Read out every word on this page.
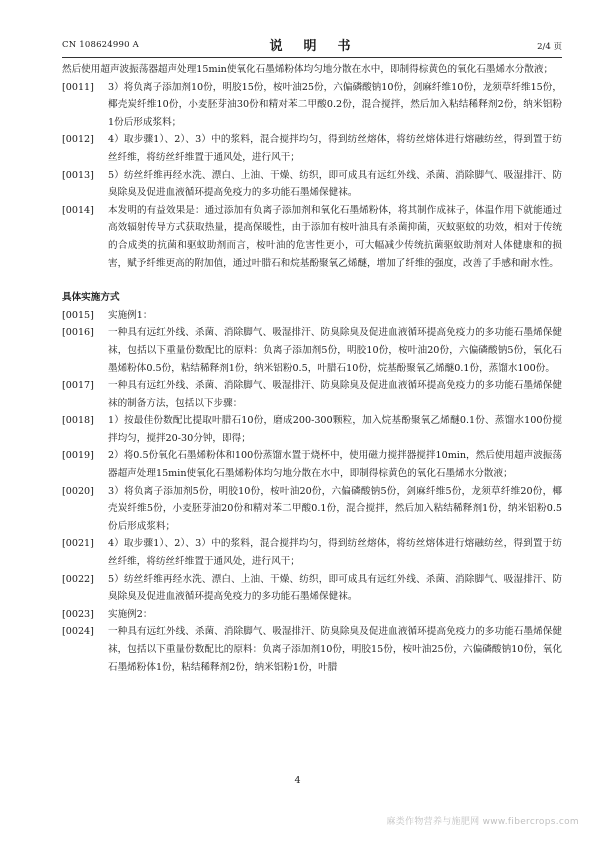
CN 108624990 A	说　明　书	2/4 页
然后使用超声波振荡器超声处理15min使氧化石墨烯粉体均匀地分散在水中，即制得棕黄色的氧化石墨烯水分散液；
[0011]	3）将负离子添加剂10份，明胶15份，桉叶油25份，六偏磷酸钠10份，剑麻纤维10份，龙须草纤维15份，椰壳炭纤维10份，小麦胚芽油30份和精对苯二甲酸0.2份，混合搅拌，然后加入粘结稀释剂2份，纳米铝粉1份后形成浆料；
[0012]	4）取步骤1）、2）、3）中的浆料，混合搅拌均匀，得到纺丝熔体，将纺丝熔体进行熔融纺丝，得到置于纺丝纤维，将纺丝纤维置于通风处，进行风干；
[0013]	5）纺丝纤维再经水洗、漂白、上油、干燥、纺织，即可成具有远红外线、杀菌、消除脚气、吸湿排汗、防臭除臭及促进血液循环提高免疫力的多功能石墨烯保健袜。
[0014]	本发明的有益效果是：通过添加有负离子添加剂和氧化石墨烯粉体，将其制作成袜子，体温作用下就能通过高效辐射传导方式获取热量，提高保暖性，由于添加有桉叶油具有杀菌抑菌，灭蚊驱蚊的功效，相对于传统的合成类的抗菌和驱蚊助剂而言，桉叶油的危害性更小，可大幅减少传统抗菌驱蚊助剂对人体健康和的损害，赋予纤维更高的附加值，通过叶腊石和烷基酚聚氧乙烯醚，增加了纤维的强度，改善了手感和耐水性。
具体实施方式
[0015]	实施例1：
[0016]	一种具有远红外线、杀菌、消除脚气、吸湿排汗、防臭除臭及促进血液循环提高免疫力的多功能石墨烯保健袜，包括以下重量份数配比的原料：负离子添加剂5份，明胶10份，桉叶油20份，六偏磷酸钠5份，氧化石墨烯粉体0.5份，粘结稀释剂1份，纳米铝粉0.5，叶腊石10份，烷基酚聚氧乙烯醚0.1份，蒸馏水100份。
[0017]	一种具有远红外线、杀菌、消除脚气、吸湿排汗、防臭除臭及促进血液循环提高免疫力的多功能石墨烯保健袜的制备方法，包括以下步骤：
[0018]	1）按最佳份数配比提取叶腊石10份，磨成200-300颗粒，加入烷基酚聚氧乙烯醚0.1份、蒸馏水100份搅拌均匀，搅拌20-30分钟，即得；
[0019]	2）将0.5份氧化石墨烯粉体和100份蒸馏水置于烧杯中，使用磁力搅拌器搅拌10min，然后使用超声波振荡器超声处理15min使氧化石墨烯粉体均匀地分散在水中，即制得棕黄色的氧化石墨烯水分散液；
[0020]	3）将负离子添加剂5份，明胶10份，桉叶油20份，六偏磷酸钠5份，剑麻纤维5份，龙须草纤维20份，椰壳炭纤维5份，小麦胚芽油20份和精对苯二甲酸0.1份，混合搅拌，然后加入粘结稀释剂1份，纳米铝粉0.5份后形成浆料；
[0021]	4）取步骤1）、2）、3）中的浆料，混合搅拌均匀，得到纺丝熔体，将纺丝熔体进行熔融纺丝，得到置于纺丝纤维，将纺丝纤维置于通风处，进行风干；
[0022]	5）纺丝纤维再经水洗、漂白、上油、干燥、纺织，即可成具有远红外线、杀菌、消除脚气、吸湿排汗、防臭除臭及促进血液循环提高免疫力的多功能石墨烯保健袜。
[0023]	实施例2：
[0024]	一种具有远红外线、杀菌、消除脚气、吸湿排汗、防臭除臭及促进血液循环提高免疫力的多功能石墨烯保健袜，包括以下重量份数配比的原料：负离子添加剂10份，明胶15份，桉叶油25份，六偏磷酸钠10份，氧化石墨烯粉体1份，粘结稀释剂2份，纳米铝粉1份，叶腊
4
麻类作物营养与施肥网 www.fibercrops.com
